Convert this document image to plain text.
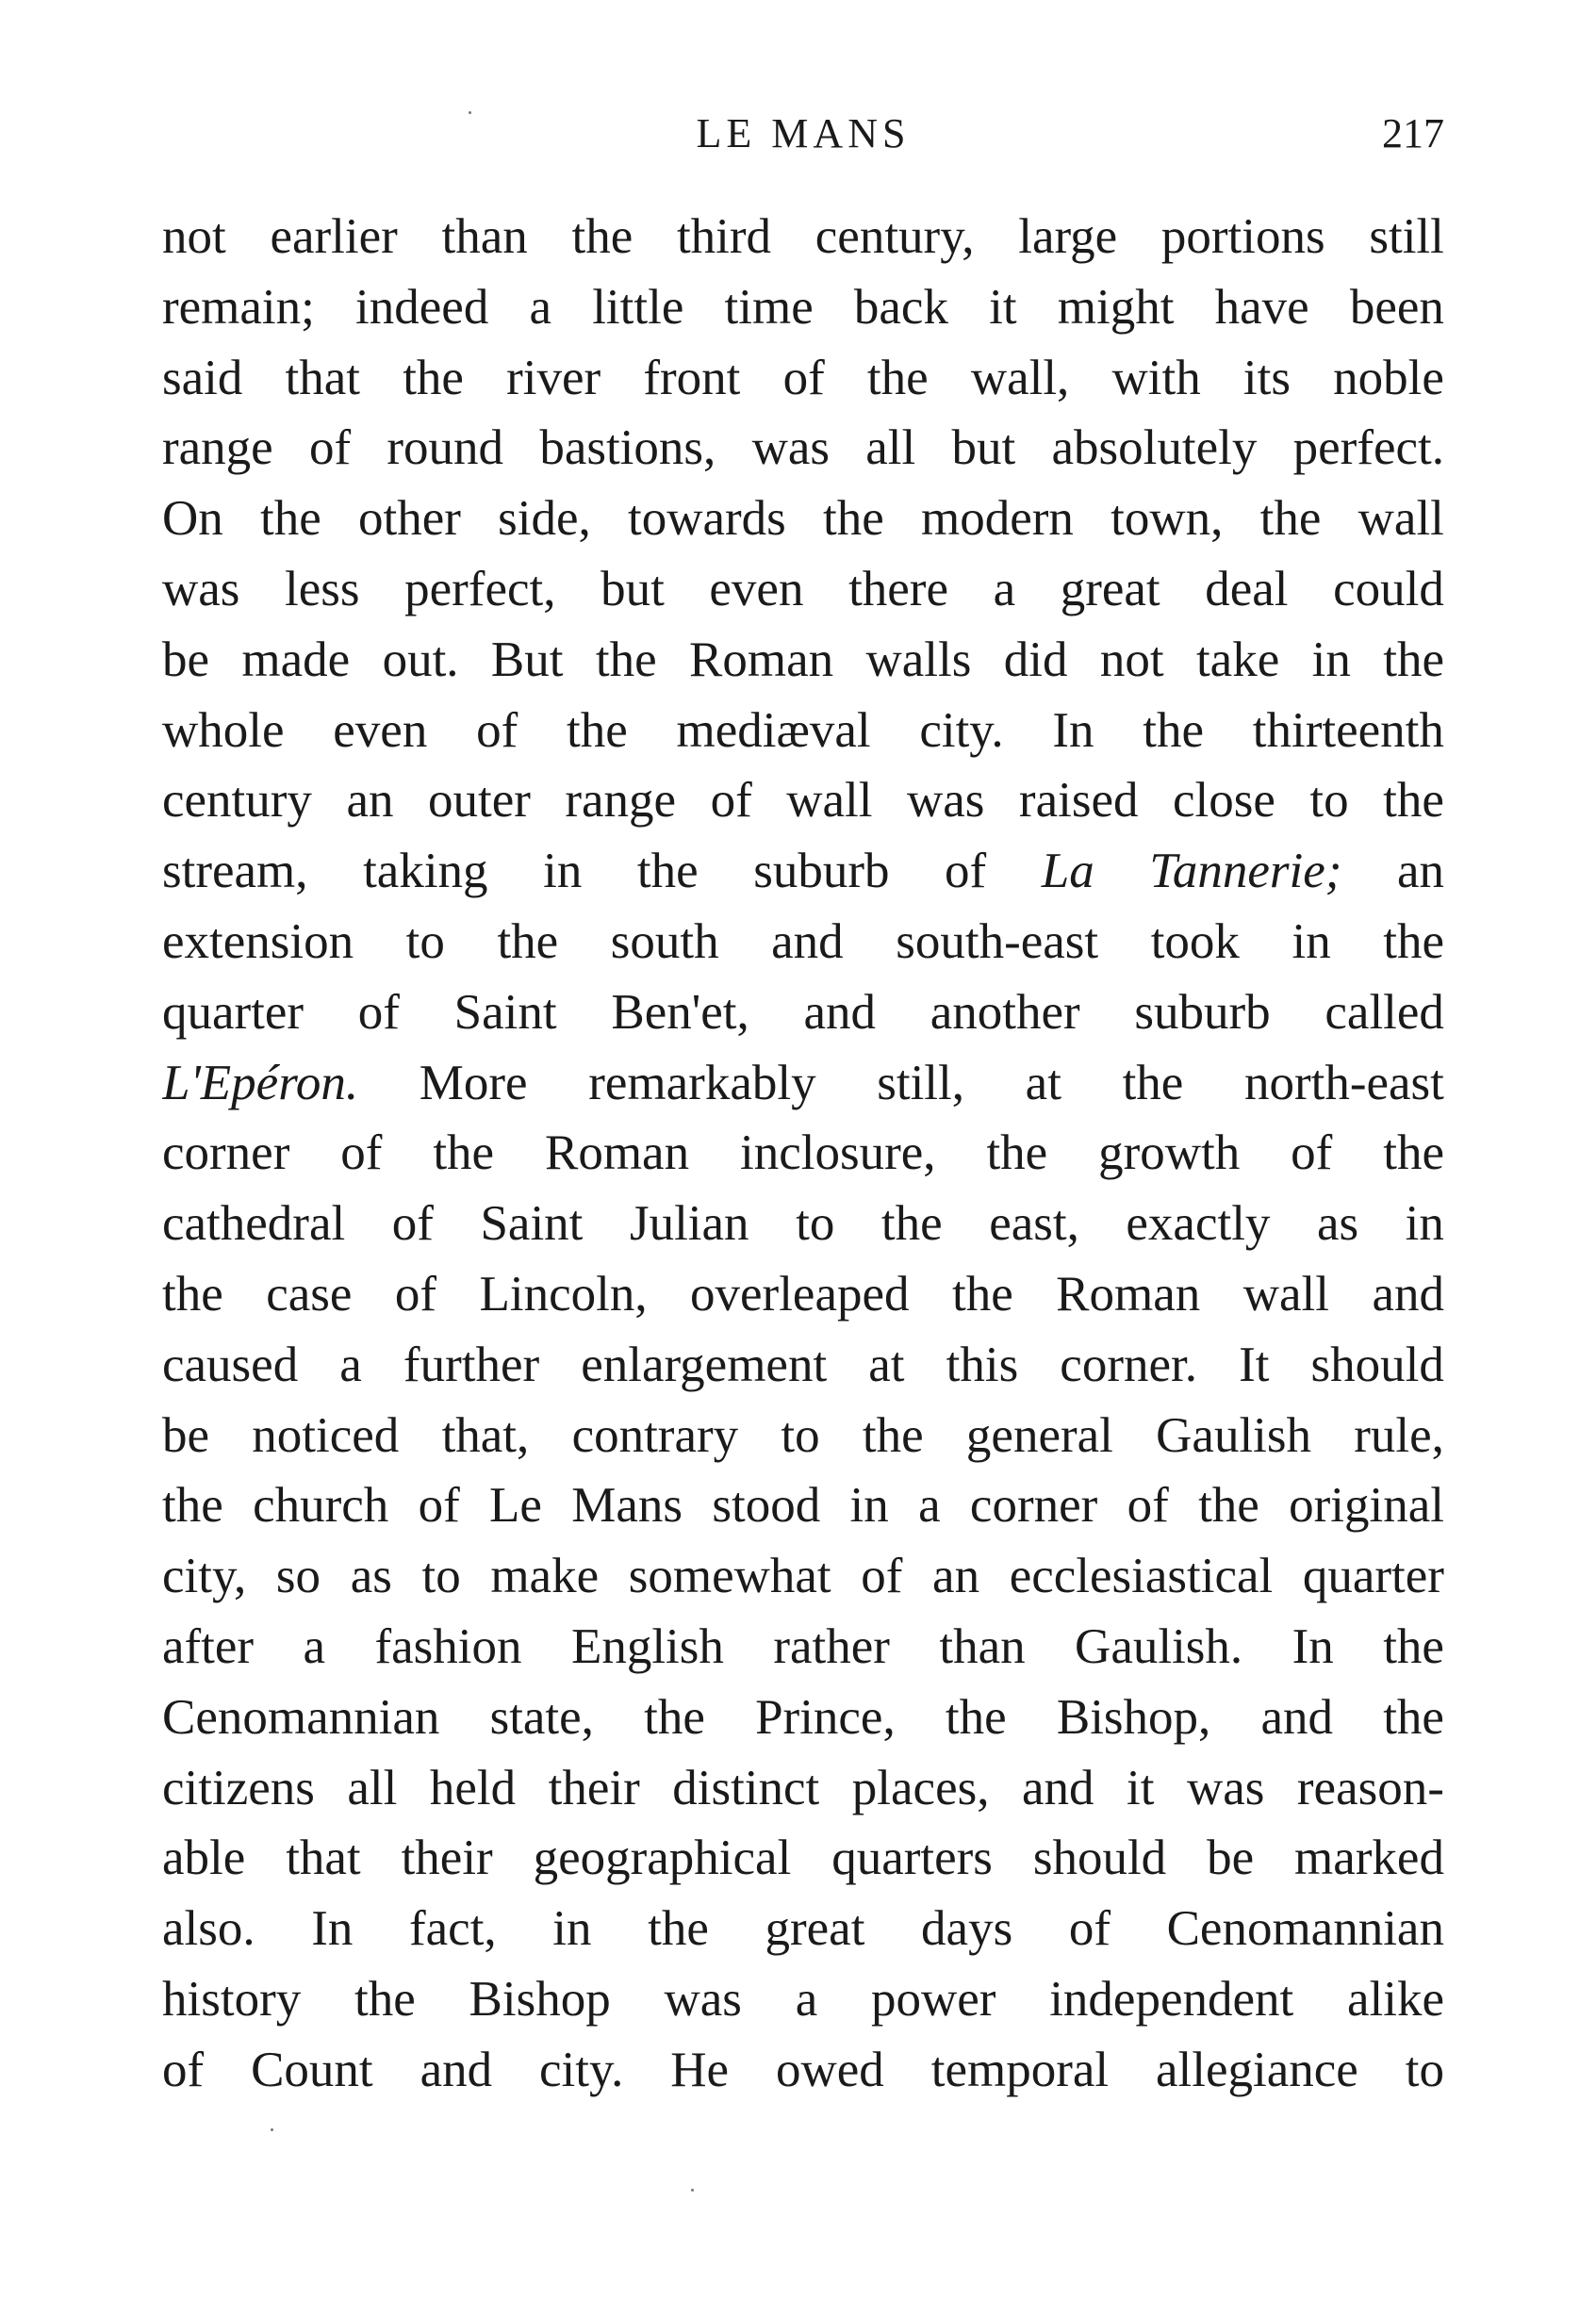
LE MANS	217
not earlier than the third century, large portions still
remain; indeed a little time back it might have been
said that the river front of the wall, with its noble
range of round bastions, was all but absolutely perfect.
On the other side, towards the modern town, the wall
was less perfect, but even there a great deal could
be made out. But the Roman walls did not take in the
whole even of the mediæval city. In the thirteenth
century an outer range of wall was raised close to the
stream, taking in the suburb of La Tannerie; an
extension to the south and south-east took in the
quarter of Saint Ben'et, and another suburb called
L'Epéron. More remarkably still, at the north-east
corner of the Roman inclosure, the growth of the
cathedral of Saint Julian to the east, exactly as in
the case of Lincoln, overleaped the Roman wall and
caused a further enlargement at this corner. It should
be noticed that, contrary to the general Gaulish rule,
the church of Le Mans stood in a corner of the original
city, so as to make somewhat of an ecclesiastical quarter
after a fashion English rather than Gaulish. In the
Cenomannian state, the Prince, the Bishop, and the
citizens all held their distinct places, and it was reason-
able that their geographical quarters should be marked
also. In fact, in the great days of Cenomannian
history the Bishop was a power independent alike
of Count and city. He owed temporal allegiance to
